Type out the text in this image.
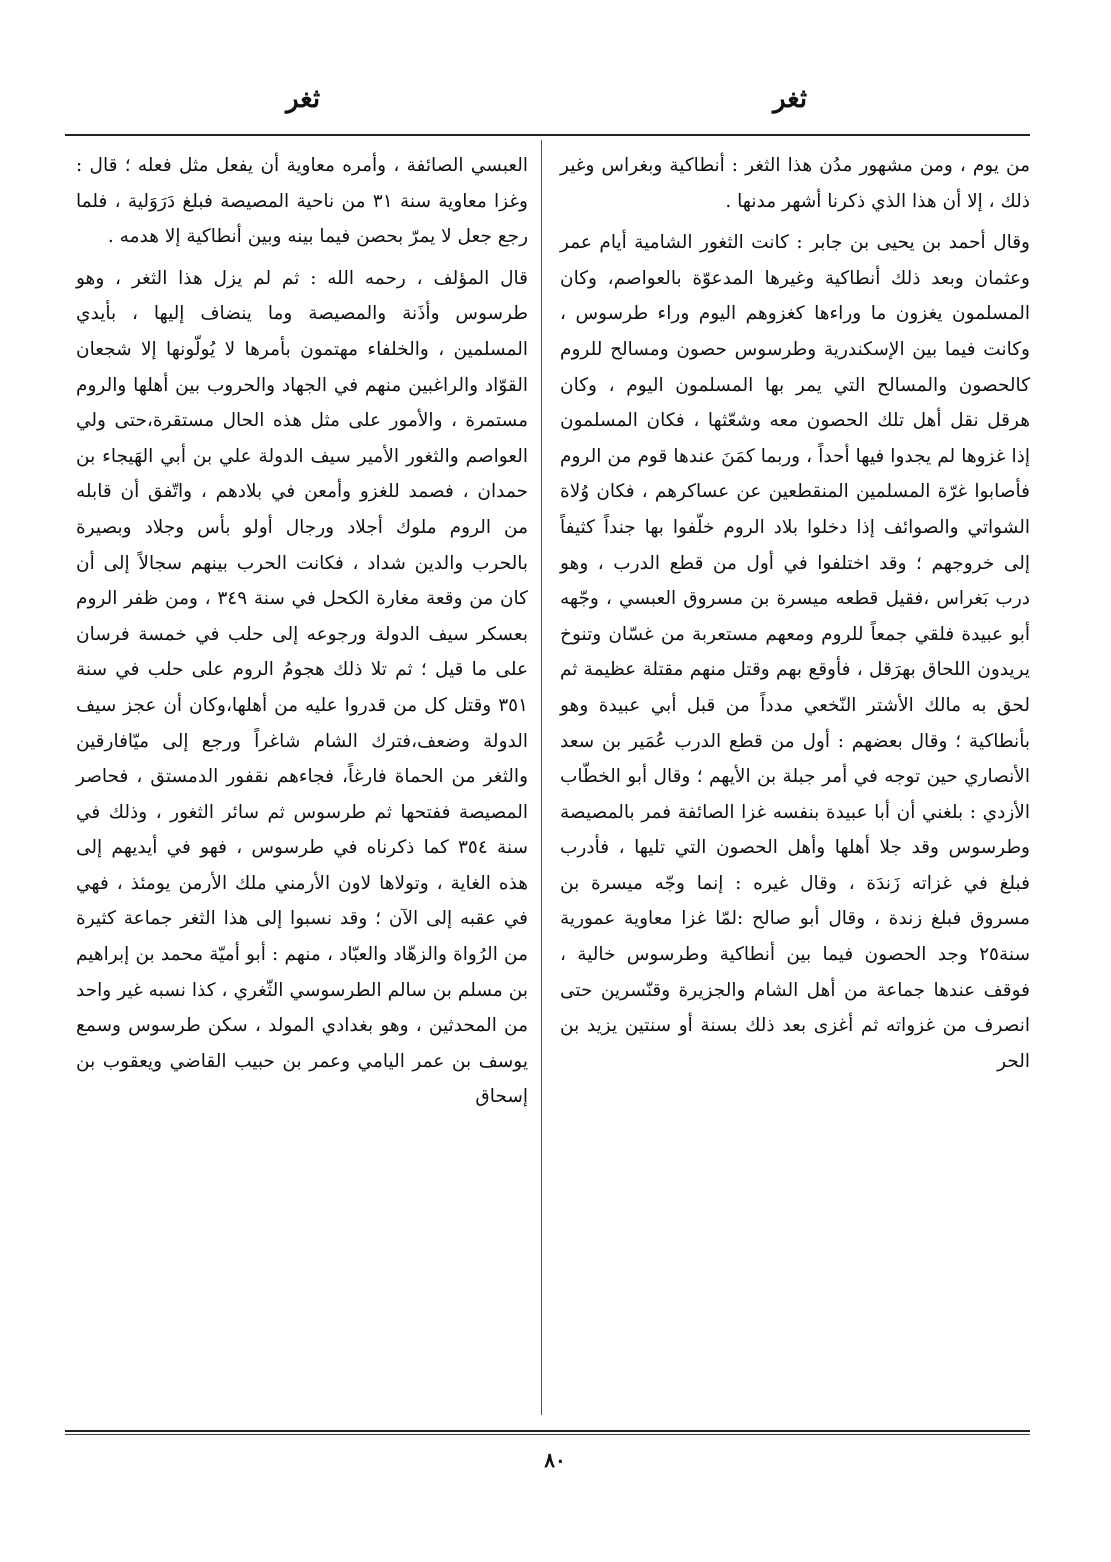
ثغر
ثغر

من يوم ، ومن مشهور مدُن هذا الثغر : أنطاكية وبغراس وغير ذلك ، إلا أن هذا الذي ذكرنا أشهر مدنها .

وقال أحمد بن يحيى بن جابر : كانت الثغور الشامية أيام عمر وعثمان وبعد ذلك أنطاكية وغيرها المدعوّة بالعواصم، وكان المسلمون يغزون ما وراءها كغزوهم اليوم وراء طرسوس ، وكانت فيما بين الإسكندرية وطرسوس حصون ومسالح للروم كالحصون والمسالح التي يمر بها المسلمون اليوم ، وكان هرقل نقل أهل تلك الحصون معه وشعّثها ، فكان المسلمون إذا غزوها لم يجدوا فيها أحداً ، وربما كمَنَ عندها قوم من الروم فأصابوا غرّة المسلمين المنقطعين عن عساكرهم ، فكان وُلاة الشواتي والصوائف إذا دخلوا بلاد الروم خلّفوا بها جنداً كثيفاً إلى خروجهم ؛ وقد اختلفوا في أول من قطع الدرب ، وهو درب بَغراس ،فقيل قطعه ميسرة بن مسروق العبسي ، وجّهه أبو عبيدة فلقي جمعاً للروم ومعهم مستعربة من غسّان وتنوخ يريدون اللحاق بهرَقل ، فأوقع بهم وقتل منهم مقتلة عظيمة ثم لحق به مالك الأشتر النّخعي مدداً من قبل أبي عبيدة وهو بأنطاكية ؛ وقال بعضهم : أول من قطع الدرب عُمَير بن سعد الأنصاري حين توجه في أمر جبلة بن الأيهم ؛ وقال أبو الخطّاب الأزدي : بلغني أن أبا عبيدة بنفسه غزا الصائفة فمر بالمصيصة وطرسوس وقد جلا أهلها وأهل الحصون التي تليها ، فأدرب فبلغ في غزاته زَندَة ، وقال غيره : إنما وجّه ميسرة بن مسروق فبلغ زندة ، وقال أبو صالح :لمّا غزا معاوية عمورية سنة٢٥ وجد الحصون فيما بين أنطاكية وطرسوس خالية ، فوقف عندها جماعة من أهل الشام والجزيرة وقنّسرين حتى انصرف من غزواته ثم أغزى بعد ذلك بسنة أو سنتين يزيد بن الحر

العبسي الصائفة ، وأمره معاوية أن يفعل مثل فعله ؛ قال : وغزا معاوية سنة ٣١ من ناحية المصيصة فبلغ دَرَوَلية ، فلما رجع جعل لا يمرّ بحصن فيما بينه وبين أنطاكية إلا هدمه .

قال المؤلف ، رحمه الله : ثم لم يزل هذا الثغر ، وهو طرسوس وأذَنة والمصيصة وما ينضاف إليها ، بأيدي المسلمين ، والخلفاء مهتمون بأمرها لا يُولّونها إلا شجعان القوّاد والراغبين منهم في الجهاد والحروب بين أهلها والروم مستمرة ، والأمور على مثل هذه الحال مستقرة،حتى ولي العواصم والثغور الأمير سيف الدولة علي بن أبي الهَيجاء بن حمدان ، فصمد للغزو وأمعن في بلادهم ، واتّفق أن قابله من الروم ملوك أجلاد ورجال أولو بأس وجلاد وبصيرة بالحرب والدين شداد ، فكانت الحرب بينهم سجالاً إلى أن كان من وقعة مغارة الكحل في سنة ٣٤٩ ، ومن ظفر الروم بعسكر سيف الدولة ورجوعه إلى حلب في خمسة فرسان على ما قيل ؛ ثم تلا ذلك هجومُ الروم على حلب في سنة ٣٥١ وقتل كل من قدروا عليه من أهلها،وكان أن عجز سيف الدولة وضعف،فترك الشام شاغراً ورجع إلى ميّافارقين والثغر من الحماة فارغاً، فجاءهم نقفور الدمستق ، فحاصر المصيصة ففتحها ثم طرسوس ثم سائر الثغور ، وذلك في سنة ٣٥٤ كما ذكرناه في طرسوس ، فهو في أيديهم إلى هذه الغاية ، وتولاها لاون الأرمني ملك الأرمن يومئذ ، فهي في عقبه إلى الآن ؛ وقد نسبوا إلى هذا الثغر جماعة كثيرة من الرُواة والزهّاد والعبّاد ، منهم : أبو أميّة محمد بن إبراهيم بن مسلم بن سالم الطرسوسي الثّغري ، كذا نسبه غير واحد من المحدثين ، وهو بغدادي المولد ، سكن طرسوس وسمع يوسف بن عمر اليامي وعمر بن حبيب القاضي ويعقوب بن إسحاق

٨٠
